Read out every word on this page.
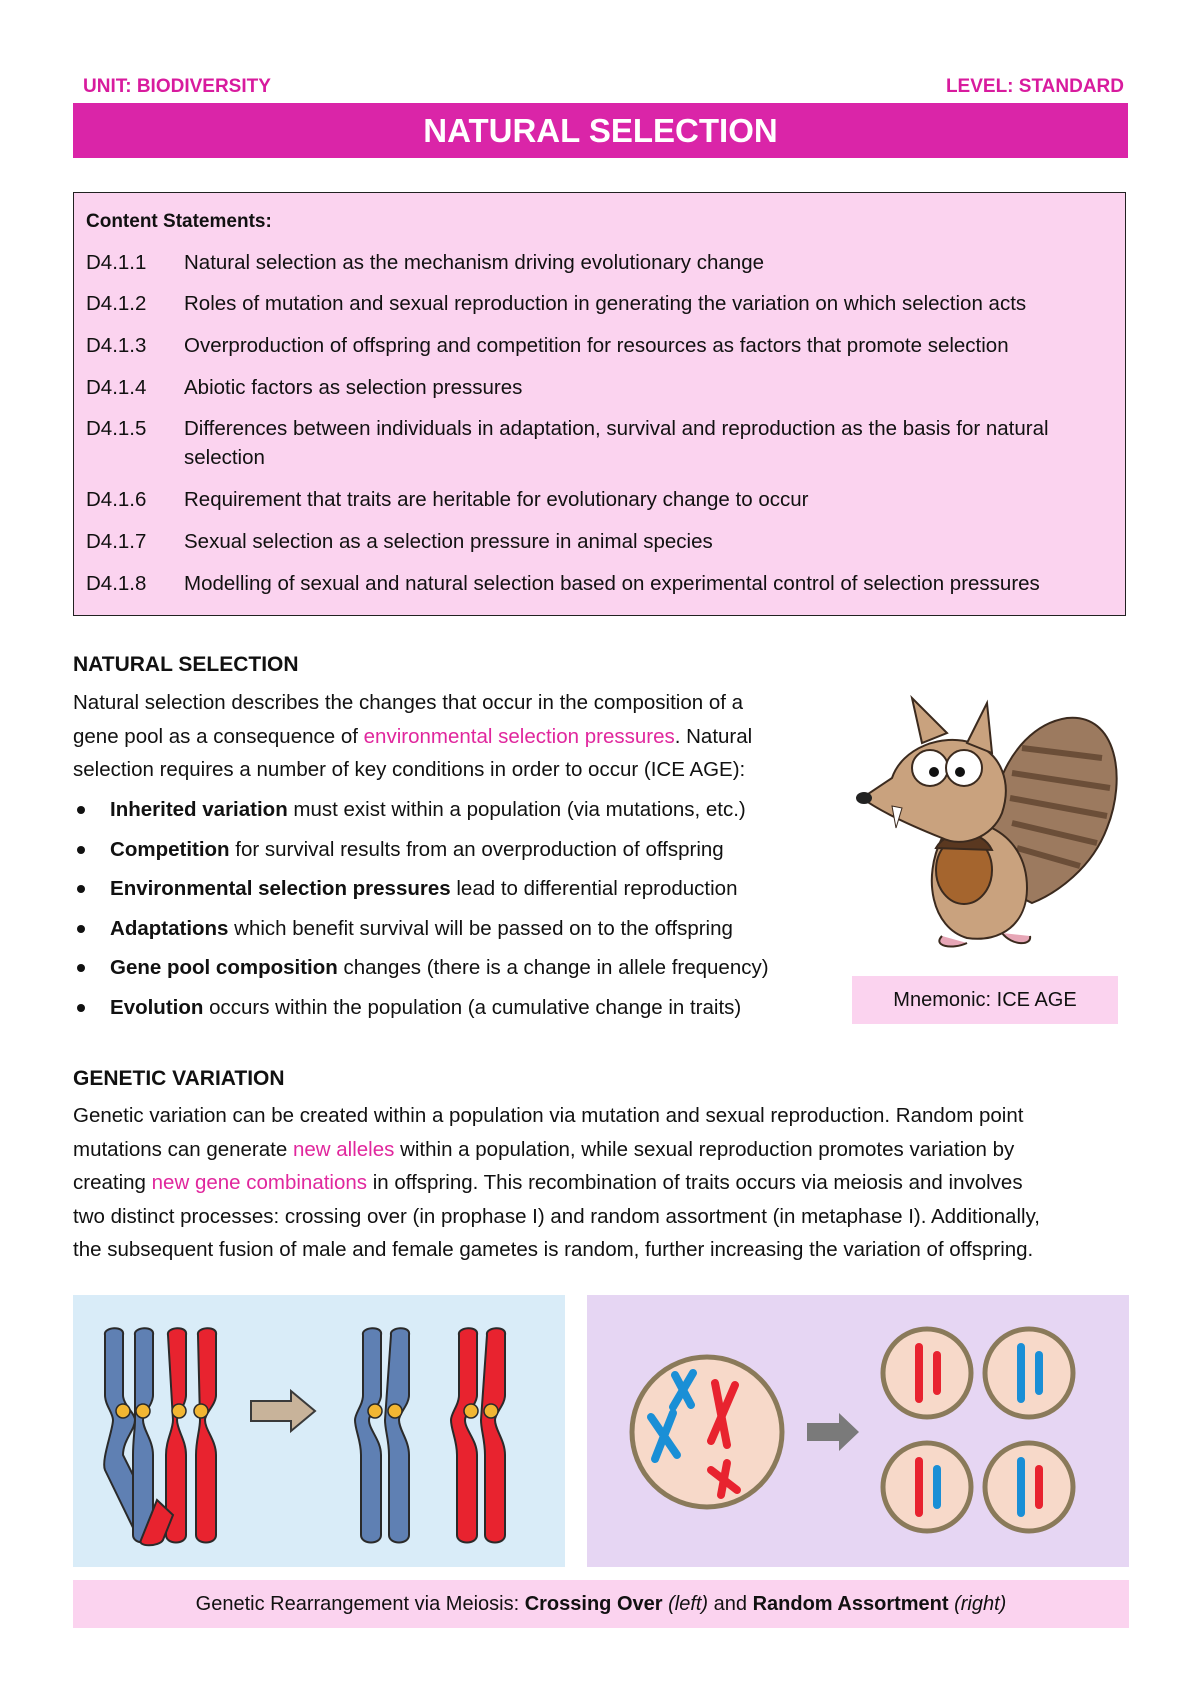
UNIT: BIODIVERSITY	LEVEL: STANDARD
NATURAL SELECTION
Content Statements:
D4.1.1	Natural selection as the mechanism driving evolutionary change
D4.1.2	Roles of mutation and sexual reproduction in generating the variation on which selection acts
D4.1.3	Overproduction of offspring and competition for resources as factors that promote selection
D4.1.4	Abiotic factors as selection pressures
D4.1.5	Differences between individuals in adaptation, survival and reproduction as the basis for natural selection
D4.1.6	Requirement that traits are heritable for evolutionary change to occur
D4.1.7	Sexual selection as a selection pressure in animal species
D4.1.8	Modelling of sexual and natural selection based on experimental control of selection pressures
NATURAL SELECTION
Natural selection describes the changes that occur in the composition of a
gene pool as a consequence of environmental selection pressures. Natural
selection requires a number of key conditions in order to occur (ICE AGE):
Inherited variation must exist within a population (via mutations, etc.)
Competition for survival results from an overproduction of offspring
Environmental selection pressures lead to differential reproduction
Adaptations which benefit survival will be passed on to the offspring
Gene pool composition changes (there is a change in allele frequency)
Evolution occurs within the population (a cumulative change in traits)	Mnemonic: ICE AGE
GENETIC VARIATION
Genetic variation can be created within a population via mutation and sexual reproduction. Random point
mutations can generate new alleles within a population, while sexual reproduction promotes variation by
creating new gene combinations in offspring. This recombination of traits occurs via meiosis and involves
two distinct processes: crossing over (in prophase I) and random assortment (in metaphase I). Additionally,
the subsequent fusion of male and female gametes is random, further increasing the variation of offspring.
Genetic Rearrangement via Meiosis: Crossing Over
(left)
and
Random Assortment
(right)
